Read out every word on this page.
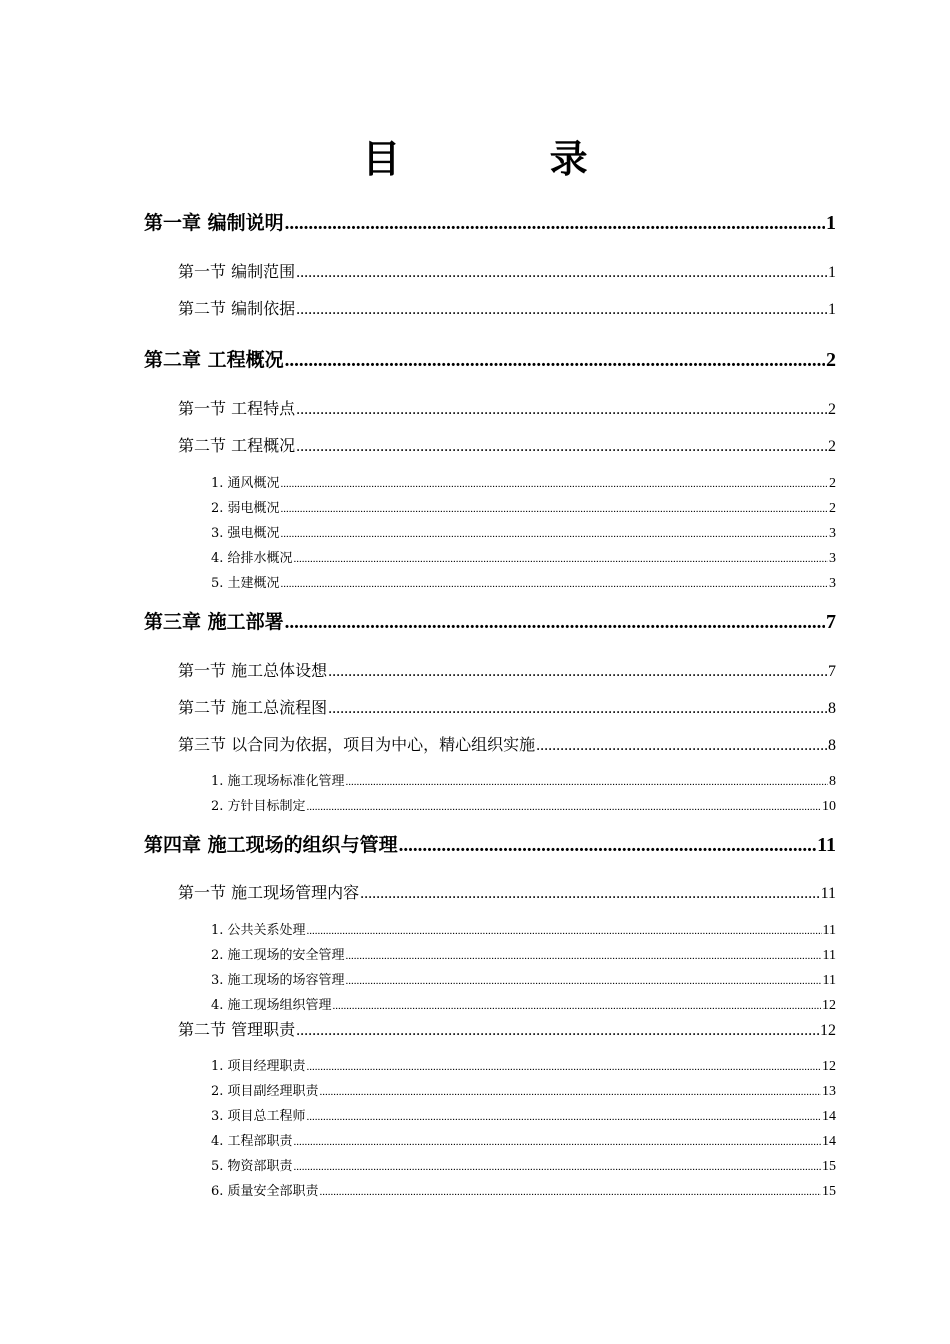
目 录
第一章 编制说明 .....	1
第一节 编制范围 .....	1
第二节 编制依据 .....	1
第二章 工程概况 .....	2
第一节 工程特点 .....	2
第二节 工程概况 .....	2
1. 通风概况 .....	2
2. 弱电概况 .....	2
3. 强电概况 .....	3
4. 给排水概况 .....	3
5. 土建概况 .....	3
第三章 施工部署 .....	7
第一节 施工总体设想 .....	7
第二节 施工总流程图 .....	8
第三节 以合同为依据，项目为中心，精心组织实施 .....	8
1. 施工现场标准化管理 .....	8
2. 方针目标制定 .....	10
第四章 施工现场的组织与管理 .....	11
第一节 施工现场管理内容 .....	11
1. 公共关系处理 .....	11
2. 施工现场的安全管理 .....	11
3. 施工现场的场容管理 .....	11
4. 施工现场组织管理 .....	12
第二节 管理职责 .....	12
1. 项目经理职责 .....	12
2. 项目副经理职责 .....	13
3. 项目总工程师 .....	14
4. 工程部职责 .....	14
5. 物资部职责 .....	15
6. 质量安全部职责 .....	15
